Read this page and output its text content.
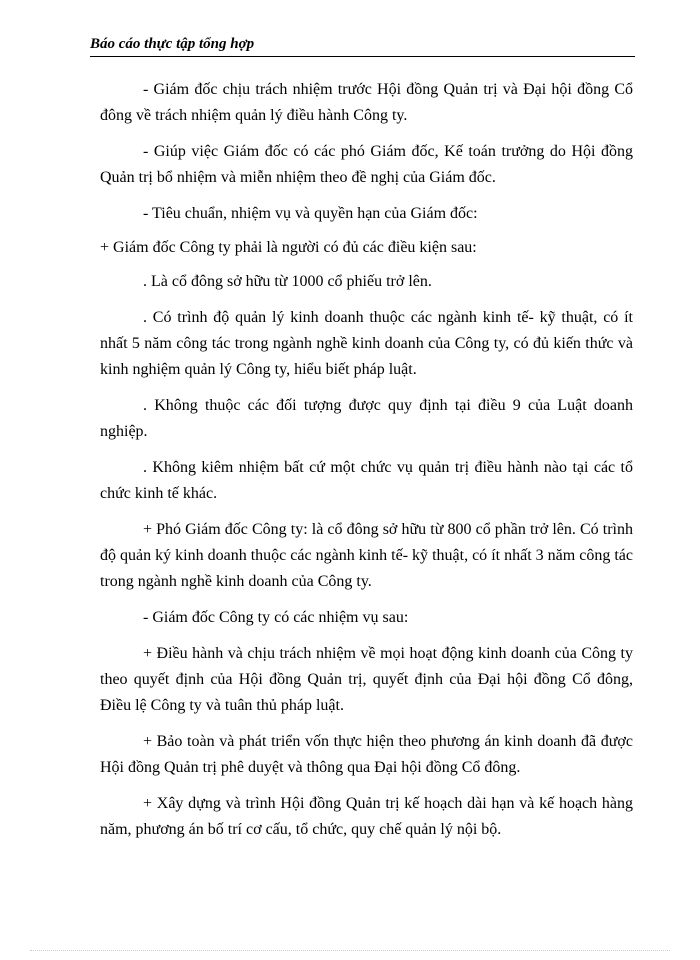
Báo cáo thực tập tổng hợp

- Giám đốc chịu trách nhiệm trước Hội đồng Quản trị và Đại hội đồng Cổ đông về trách nhiệm quản lý điều hành Công ty.

- Giúp việc Giám đốc có các phó Giám đốc, Kế toán trưởng do Hội đồng Quản trị bổ nhiệm và miễn nhiệm theo đề nghị của Giám đốc.

- Tiêu chuẩn, nhiệm vụ và quyền hạn của Giám đốc:

+ Giám đốc Công ty phải là người có đủ các điều kiện sau:

. Là cổ đông sở hữu từ 1000 cổ phiếu trở lên.

. Có trình độ quản lý kinh doanh thuộc các ngành kinh tế- kỹ thuật, có ít nhất 5 năm công tác trong ngành nghề kinh doanh của Công ty, có đủ kiến thức và kinh nghiệm quản lý Công ty, hiểu biết pháp luật.

. Không thuộc các đối tượng được quy định tại điều 9 của Luật doanh nghiệp.

. Không kiêm nhiệm bất cứ một chức vụ quản trị điều hành nào tại các tổ chức kinh tế khác.

+ Phó Giám đốc Công ty: là cổ đông sở hữu từ 800 cổ phần trở lên. Có trình độ quản ký kinh doanh thuộc các ngành kinh tế- kỹ thuật, có ít nhất 3 năm công tác trong ngành nghề kinh doanh của Công ty.

- Giám đốc Công ty có các nhiệm vụ sau:

+ Điều hành và chịu trách nhiệm về mọi hoạt động kinh doanh của Công ty theo quyết định của Hội đồng Quản trị, quyết định của Đại hội đồng Cổ đông, Điều lệ Công ty và tuân thủ pháp luật.

+ Bảo toàn và phát triển vốn thực hiện theo phương án kinh doanh đã được Hội đồng Quản trị phê duyệt và thông qua Đại hội đồng Cổ đông.

+ Xây dựng và trình Hội đồng Quản trị kế hoạch dài hạn và kế hoạch hàng năm, phương án bố trí cơ cấu, tổ chức, quy chế quản lý nội bộ.
